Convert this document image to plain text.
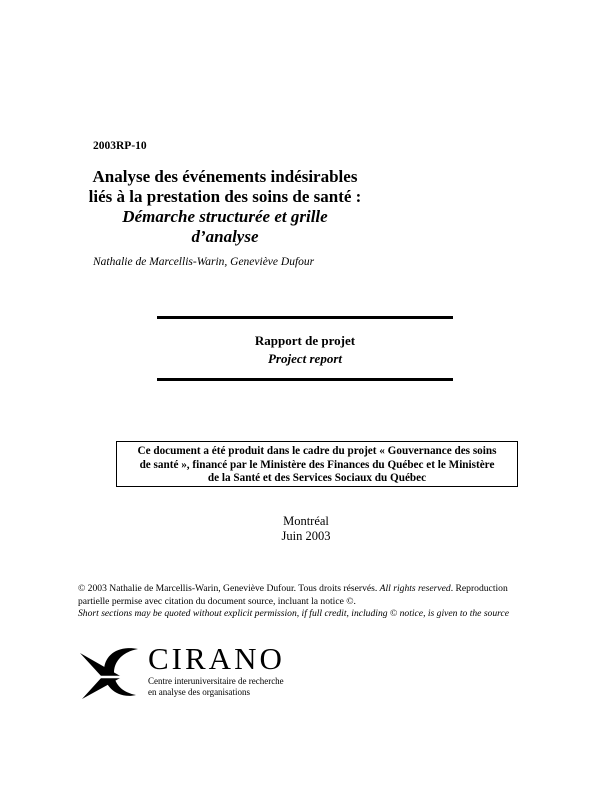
2003RP-10
Analyse des événements indésirables
liés à la prestation des soins de santé :
Démarche structurée et grille
d’analyse
Nathalie de Marcellis-Warin, Geneviève Dufour
Rapport de projet
Project report
Ce document a été produit dans le cadre du projet « Gouvernance des soins
de santé », financé par le Ministère des Finances du Québec et le Ministère
de la Santé et des Services Sociaux du Québec
Montréal
Juin 2003
© 2003 Nathalie de Marcellis-Warin, Geneviève Dufour. Tous droits réservés. All rights reserved. Reproduction
partielle permise avec citation du document source, incluant la notice ©.
Short sections may be quoted without explicit permission, if full credit, including © notice, is given to the source
CIRANO
Centre interuniversitaire de recherche
en analyse des organisations
